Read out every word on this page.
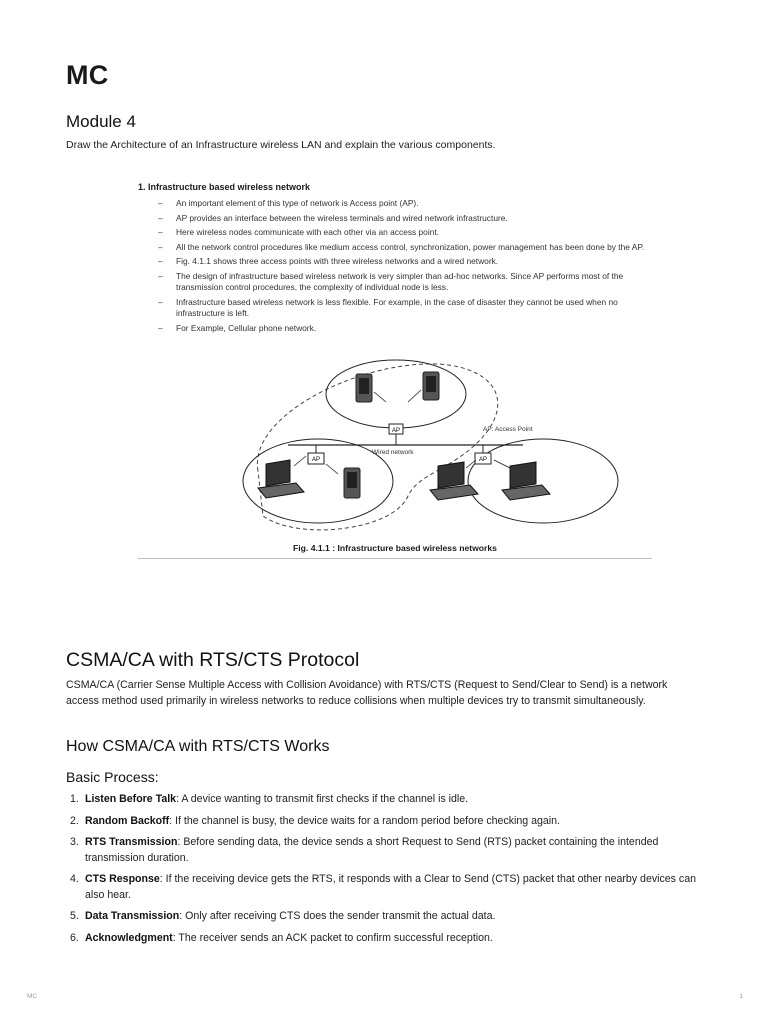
MC
Module 4

Draw the Architecture of an Infrastructure wireless LAN and explain the various components.

1. Infrastructure based wireless network

– An important element of this type of network is Access point (AP).
– AP provides an interface between the wireless terminals and wired network infrastructure.
– Here wireless nodes communicate with each other via an access point.
– All the network control procedures like medium access control, synchronization, power management has been done by the AP.
– Fig. 4.1.1 shows three access points with three wireless networks and a wired network.
– The design of infrastructure based wireless network is very simpler than ad-hoc networks. Since AP performs most of the transmission control procedures, the complexity of individual node is less.
– Infrastructure based wireless network is less flexible. For example, in the case of disaster they cannot be used when no infrastructure is left.
– For Example, Cellular phone network.
AP
AP	AP
AP: Access Point
Wired network

Fig. 4.1.1 : Infrastructure based wireless networks

CSMA/CA with RTS/CTS Protocol

CSMA/CA (Carrier Sense Multiple Access with Collision Avoidance) with RTS/CTS (Request to Send/Clear to Send) is a network access method used primarily in wireless networks to reduce collisions when multiple devices try to transmit simultaneously.

How CSMA/CA with RTS/CTS Works
Basic Process:
1. Listen Before Talk: A device wanting to transmit first checks if the channel is idle.
2. Random Backoff: If the channel is busy, the device waits for a random period before checking again.
3. RTS Transmission: Before sending data, the device sends a short Request to Send (RTS) packet containing the intended transmission duration.
4. CTS Response: If the receiving device gets the RTS, it responds with a Clear to Send (CTS) packet that other nearby devices can also hear.
5. Data Transmission: Only after receiving CTS does the sender transmit the actual data.
6. Acknowledgment: The receiver sends an ACK packet to confirm successful reception.

MC	1
